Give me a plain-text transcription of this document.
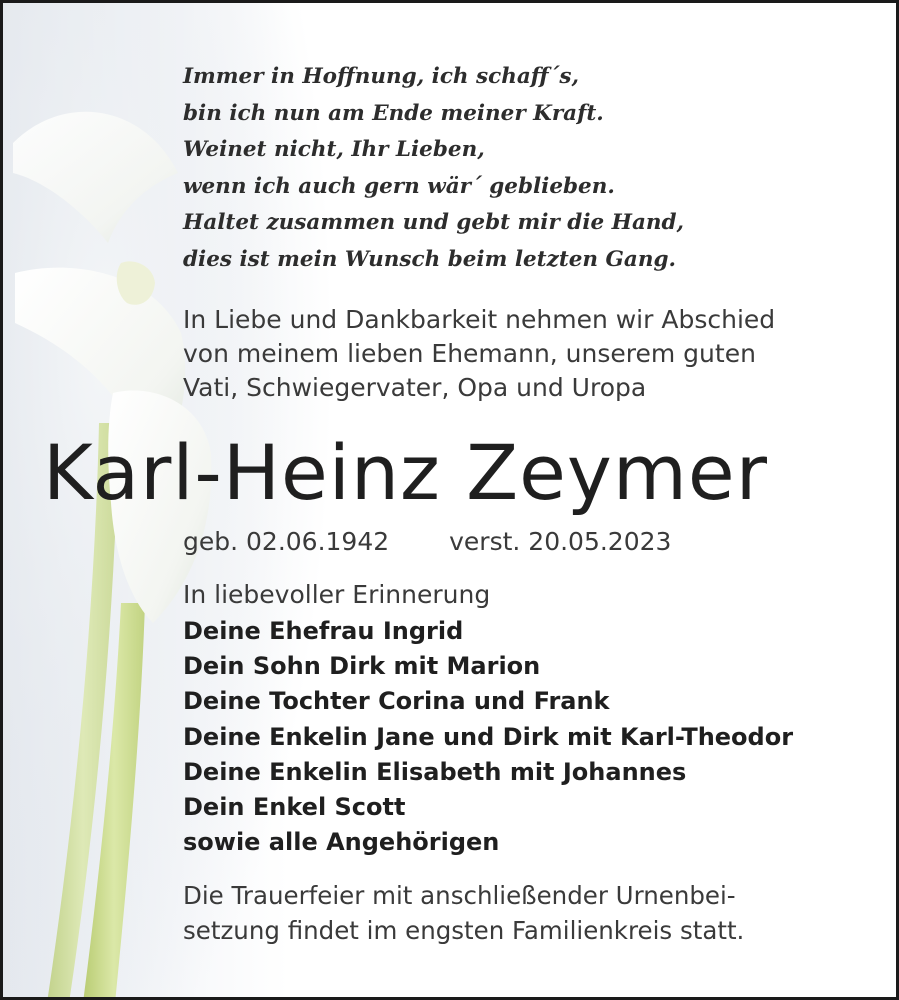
Immer in Hoffnung, ich schaff´s,
bin ich nun am Ende meiner Kraft.
Weinet nicht, Ihr Lieben,
wenn ich auch gern wär´ geblieben.
Haltet zusammen und gebt mir die Hand,
dies ist mein Wunsch beim letzten Gang.
In Liebe und Dankbarkeit nehmen wir Abschied
von meinem lieben Ehemann, unserem guten
Vati, Schwiegervater, Opa und Uropa
Karl-Heinz Zeymer
geb. 02.06.1942 verst. 20.05.2023
In liebevoller Erinnerung
Deine Ehefrau Ingrid
Dein Sohn Dirk mit Marion
Deine Tochter Corina und Frank
Deine Enkelin Jane und Dirk mit Karl-Theodor
Deine Enkelin Elisabeth mit Johannes
Dein Enkel Scott
sowie alle Angehörigen
Die Trauerfeier mit anschließender Urnenbei-
setzung findet im engsten Familienkreis statt.
